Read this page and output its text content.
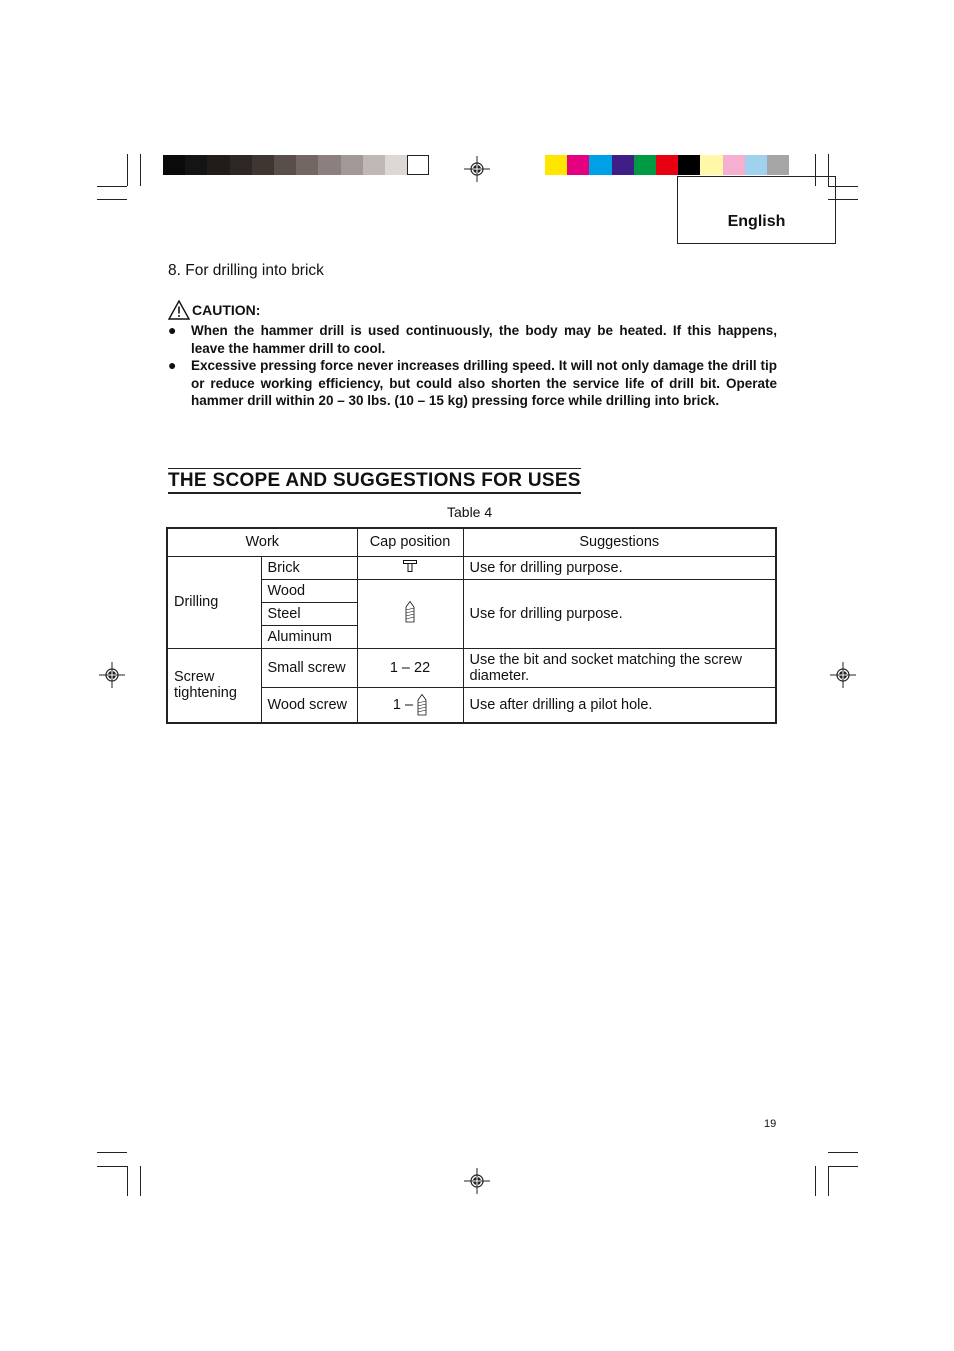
English
8. For drilling into brick
CAUTION:
● When the hammer drill is used continuously, the body may be heated. If this happens, leave the hammer drill to cool.
● Excessive pressing force never increases drilling speed. It will not only damage the drill tip or reduce working efficiency, but could also shorten the service life of drill bit. Operate hammer drill within 20 – 30 lbs. (10 – 15 kg) pressing force while drilling into brick.
THE SCOPE AND SUGGESTIONS FOR USES
Table 4
Work		Cap position	Suggestions
Drilling	Brick		Use for drilling purpose.
	Wood		Use for drilling purpose.
	Steel		
	Aluminum		
Screw tightening	Small screw	1 – 22	Use the bit and socket matching the screw diameter.
	Wood screw	1 –	Use after drilling a pilot hole.
19
